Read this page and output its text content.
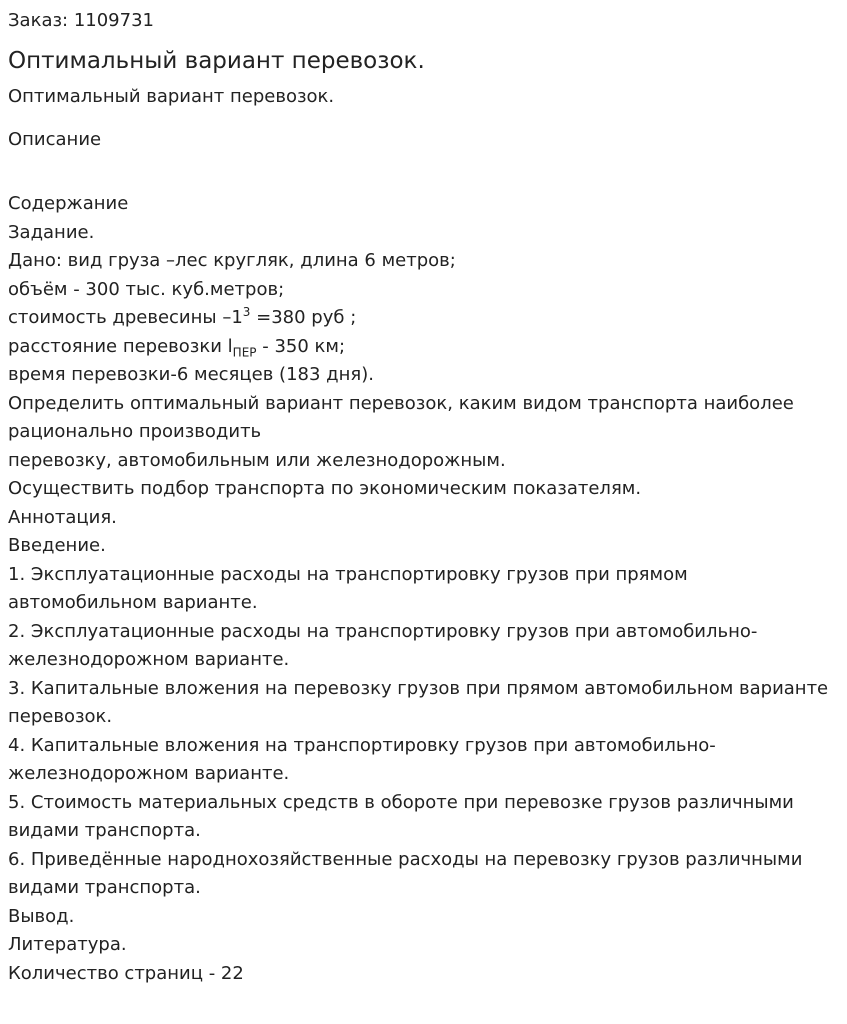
Заказ: 1109731

Оптимальный вариант перевозок.

Оптимальный вариант перевозок.

Описание

Содержание
Задание.
Дано: вид груза –лес кругляк, длина 6 метров;
объём - 300 тыс. куб.метров;
стоимость древесины $-1^3 =380$ руб ;
расстояние перевозки $l_{ПЕР} - 350$ км;
время перевозки-6 месяцев (183 дня).
Определить оптимальный вариант перевозок, каким видом транспорта наиболее рационально производить
перевозку, автомобильным или железнодорожным.
Осуществить подбор транспорта по экономическим показателям.
Аннотация.
Введение.
1. Эксплуатационные расходы на транспортировку грузов при прямом автомобильном варианте.
2. Эксплуатационные расходы на транспортировку грузов при автомобильно-железнодорожном варианте.
3. Капитальные вложения на перевозку грузов при прямом автомобильном варианте перевозок.
4. Капитальные вложения на транспортировку грузов при автомобильно-железнодорожном варианте.
5. Стоимость материальных средств в обороте при перевозке грузов различными видами транспорта.
6. Приведённые народнохозяйственные расходы на перевозку грузов различными видами транспорта.
Вывод.
Литература.
Количество страниц - 22
